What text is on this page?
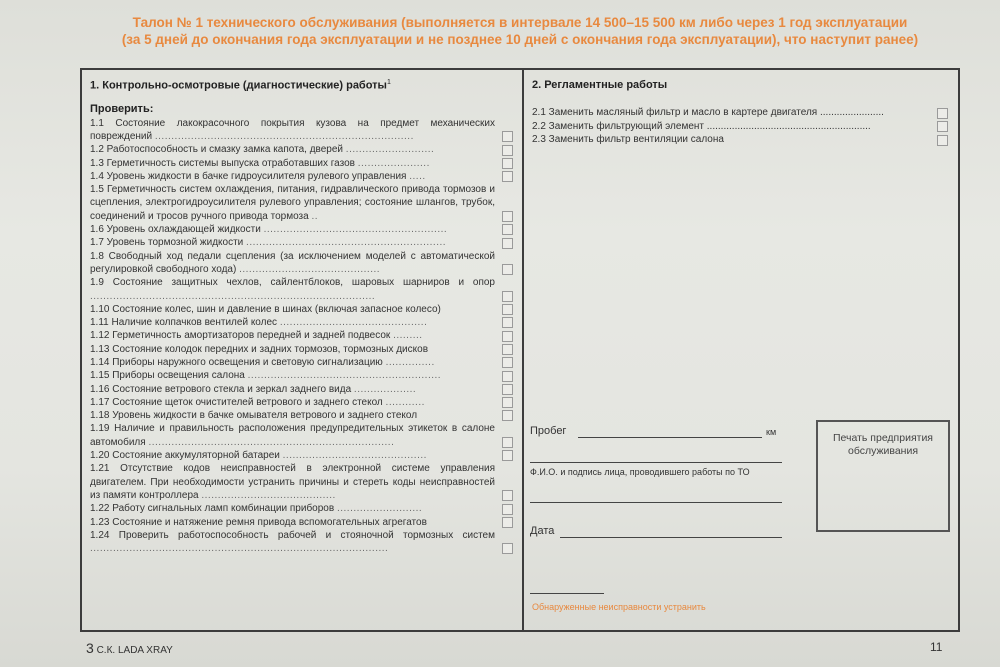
Талон № 1 технического обслуживания (выполняется в интервале 14 500–15 500 км либо через 1 год эксплуатации
(за 5 дней до окончания года эксплуатации и не позднее 10 дней с окончания года эксплуатации), что наступит ранее)
1. Контрольно-осмотровые (диагностические) работы$^1$
Проверить:
1.1 Состояние лакокрасочного покрытия кузова на предмет механических повреждений ...............................................................................
1.2 Работоспособность и смазку замка капота, дверей ...........................
1.3 Герметичность системы выпуска отработавших газов ......................
1.4 Уровень жидкости в бачке гидроусилителя рулевого управления .....
1.5 Герметичность систем охлаждения, питания, гидравлического привода тормозов и сцепления, электрогидроусилителя рулевого управления; состояние шлангов, трубок, соединений и тросов ручного привода тормоза ..
1.6 Уровень охлаждающей жидкости ........................................................
1.7 Уровень тормозной жидкости .............................................................
1.8 Свободный ход педали сцепления (за исключением моделей с автоматической регулировкой свободного хода) ...........................................
1.9 Состояние защитных чехлов, сайлентблоков, шаровых шарниров и опор .......................................................................................
1.10 Состояние колес, шин и давление в шинах (включая запасное колесо)
1.11 Наличие колпачков вентилей колес .............................................
1.12 Герметичность амортизаторов передней и задней подвесок .........
1.13 Состояние колодок передних и задних тормозов, тормозных дисков
1.14 Приборы наружного освещения и световую сигнализацию ...............
1.15 Приборы освещения салона ...........................................................
1.16 Состояние ветрового стекла и зеркал заднего вида ...................
1.17 Состояние щеток очистителей ветрового и заднего стекол ............
1.18 Уровень жидкости в бачке омывателя ветрового и заднего стекол
1.19 Наличие и правильность расположения предупредительных этикеток в салоне автомобиля ...........................................................................
1.20 Состояние аккумуляторной батареи ............................................
1.21 Отсутствие кодов неисправностей в электронной системе управления двигателем. При необходимости устранить причины и стереть коды неисправностей из памяти контроллера .........................................
1.22 Работу сигнальных ламп комбинации приборов ..........................
1.23 Состояние и натяжение ремня привода вспомогательных агрегатов
1.24 Проверить работоспособность рабочей и стояночной тормозных систем ...........................................................................................
2. Регламентные работы
2.1 Заменить масляный фильтр и масло в картере двигателя .......................
2.2 Заменить фильтрующий элемент ...........................................................
2.3 Заменить фильтр вентиляции салона
Пробег	км
Ф.И.О. и подпись лица, проводившего работы по ТО
Дата
Печать предприятия обслуживания
Обнаруженные неисправности устранить
3 С.К. LADA XRAY	11
